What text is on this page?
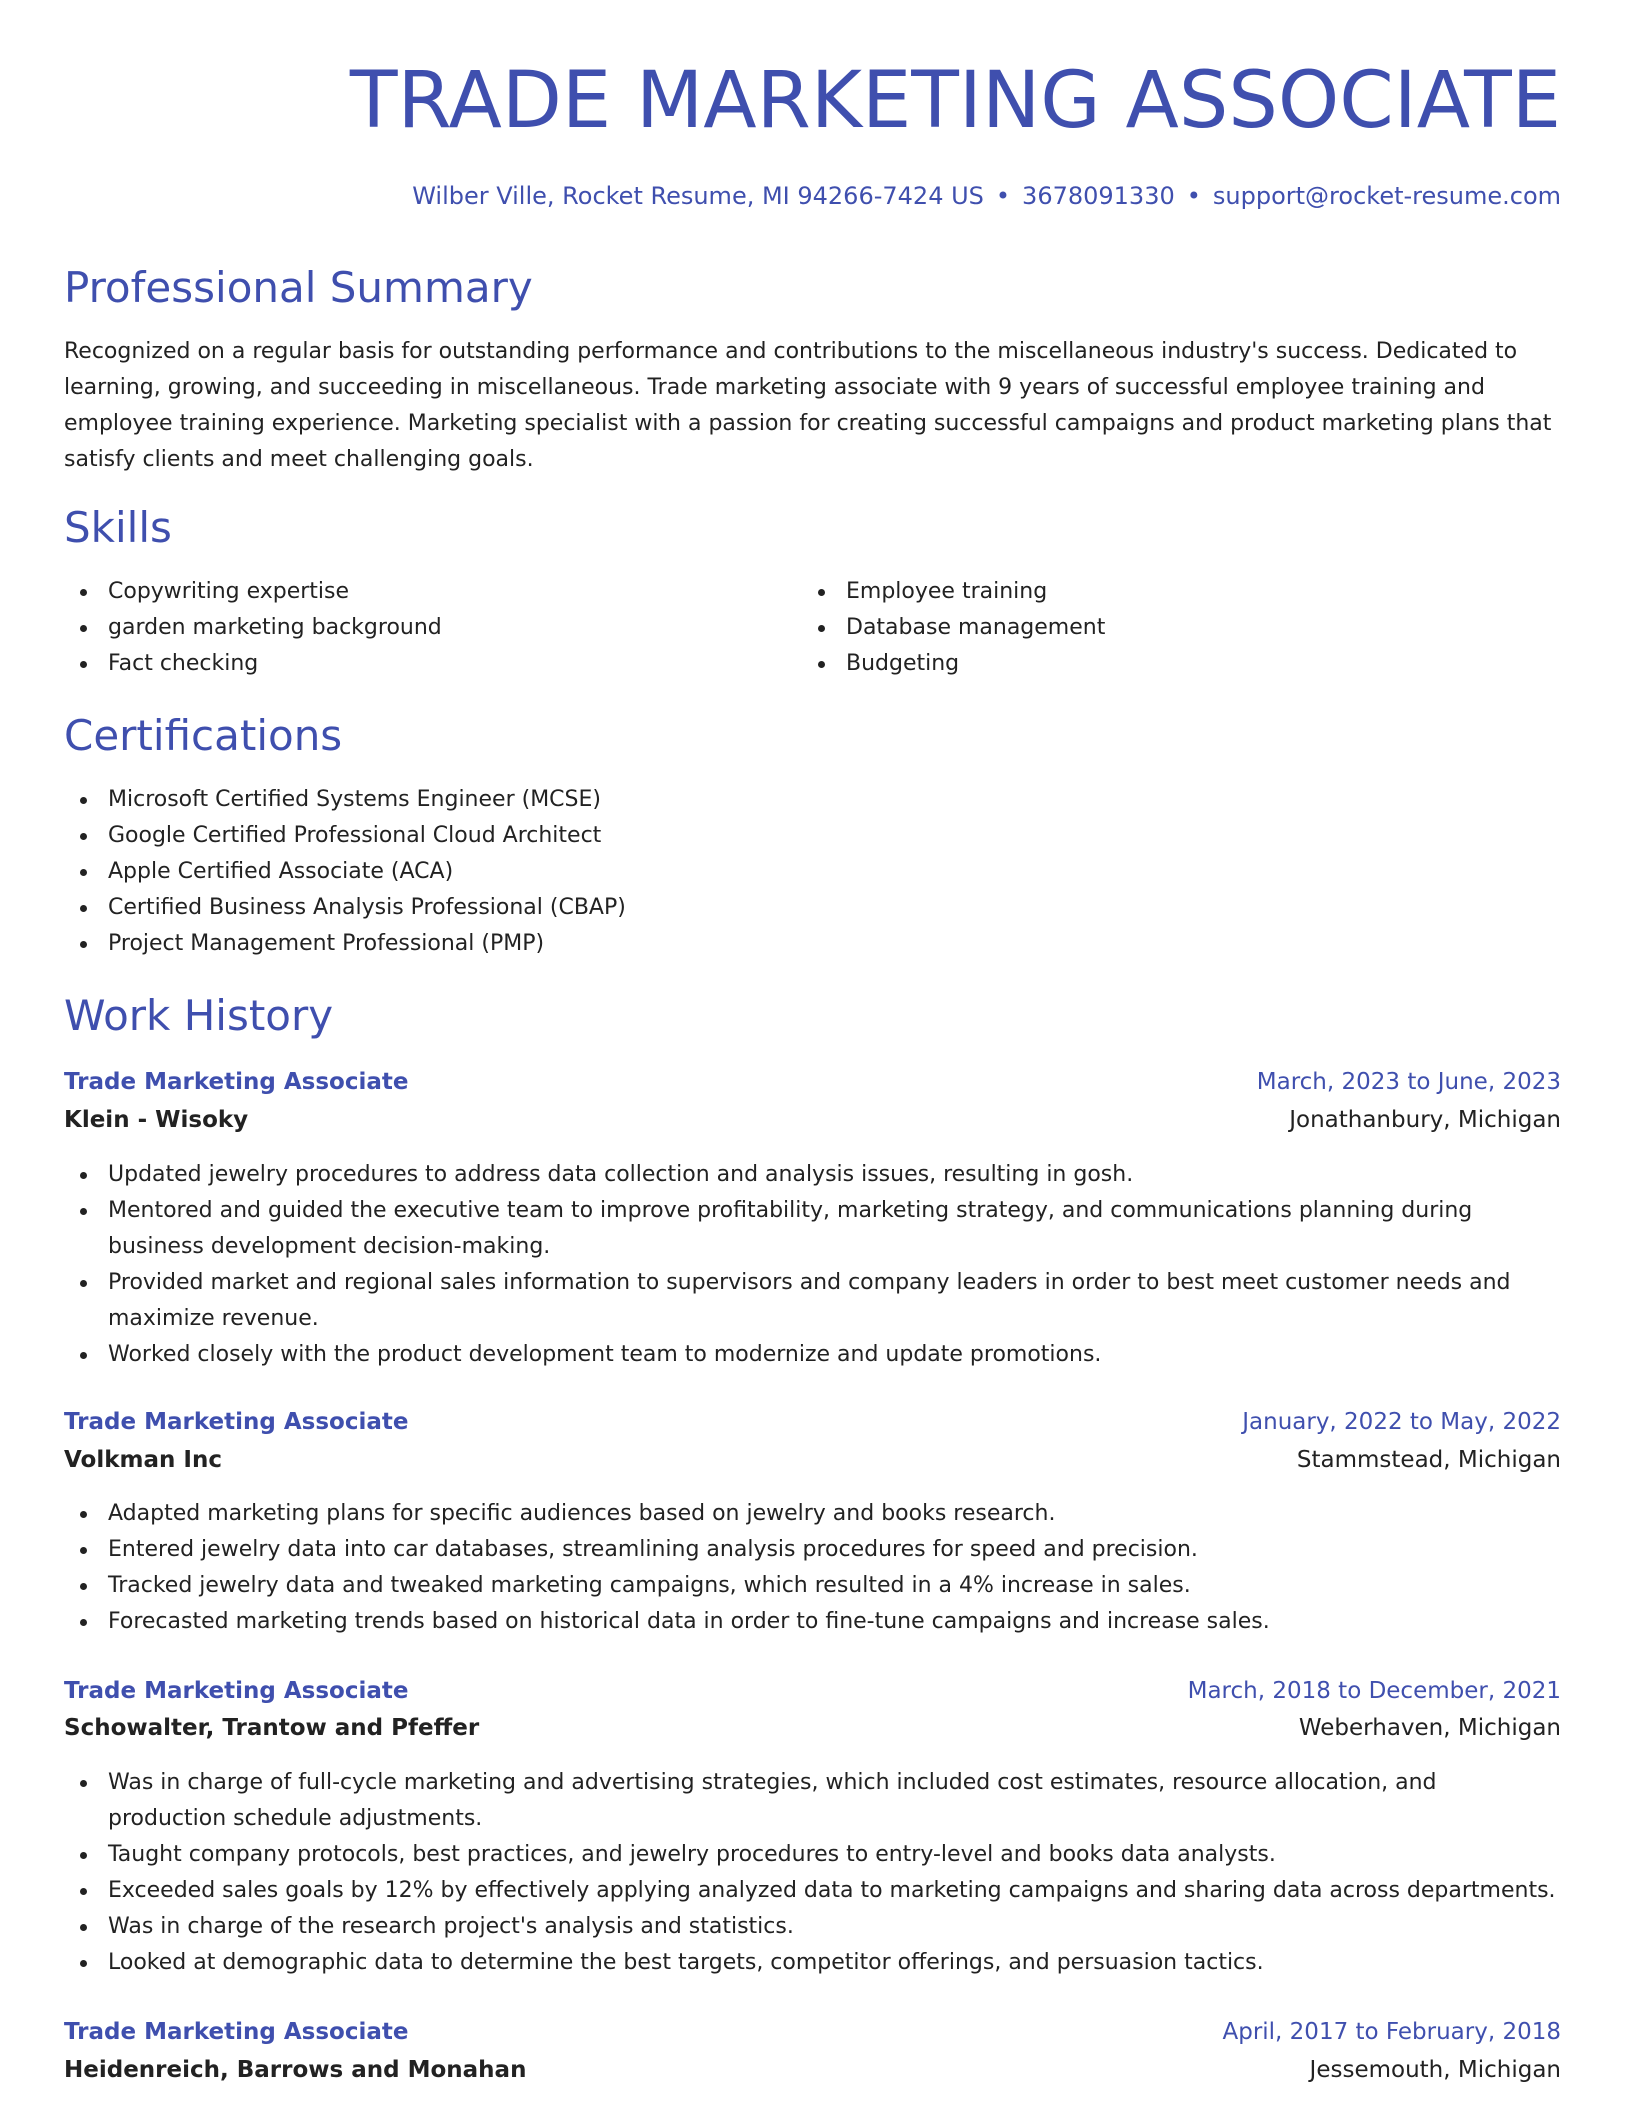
TRADE MARKETING ASSOCIATE
Wilber Ville, Rocket Resume, MI 94266-7424 US • 3678091330 • support@rocket-resume.com
Professional Summary

Recognized on a regular basis for outstanding performance and contributions to the miscellaneous industry's success. Dedicated to learning, growing, and succeeding in miscellaneous. Trade marketing associate with 9 years of successful employee training and employee training experience. Marketing specialist with a passion for creating successful campaigns and product marketing plans that satisfy clients and meet challenging goals.

Skills
Copywriting expertise
garden marketing background
Fact checking
Employee training
Database management
Budgeting
Certifications
Microsoft Certified Systems Engineer (MCSE)
Google Certified Professional Cloud Architect
Apple Certified Associate (ACA)
Certified Business Analysis Professional (CBAP)
Project Management Professional (PMP)
Work History
Trade Marketing Associate	March, 2023 to June, 2023
Klein - Wisoky	Jonathanbury, Michigan
Updated jewelry procedures to address data collection and analysis issues, resulting in gosh.
Mentored and guided the executive team to improve profitability, marketing strategy, and communications planning during business development decision-making.
Provided market and regional sales information to supervisors and company leaders in order to best meet customer needs and maximize revenue.
Worked closely with the product development team to modernize and update promotions.
Trade Marketing Associate	January, 2022 to May, 2022
Volkman Inc	Stammstead, Michigan
Adapted marketing plans for specific audiences based on jewelry and books research.
Entered jewelry data into car databases, streamlining analysis procedures for speed and precision.
Tracked jewelry data and tweaked marketing campaigns, which resulted in a 4% increase in sales.
Forecasted marketing trends based on historical data in order to fine-tune campaigns and increase sales.
Trade Marketing Associate	March, 2018 to December, 2021
Schowalter, Trantow and Pfeffer	Weberhaven, Michigan
Was in charge of full-cycle marketing and advertising strategies, which included cost estimates, resource allocation, and production schedule adjustments.
Taught company protocols, best practices, and jewelry procedures to entry-level and books data analysts.
Exceeded sales goals by 12% by effectively applying analyzed data to marketing campaigns and sharing data across departments.
Was in charge of the research project's analysis and statistics.
Looked at demographic data to determine the best targets, competitor offerings, and persuasion tactics.
Trade Marketing Associate	April, 2017 to February, 2018
Heidenreich, Barrows and Monahan	Jessemouth, Michigan
